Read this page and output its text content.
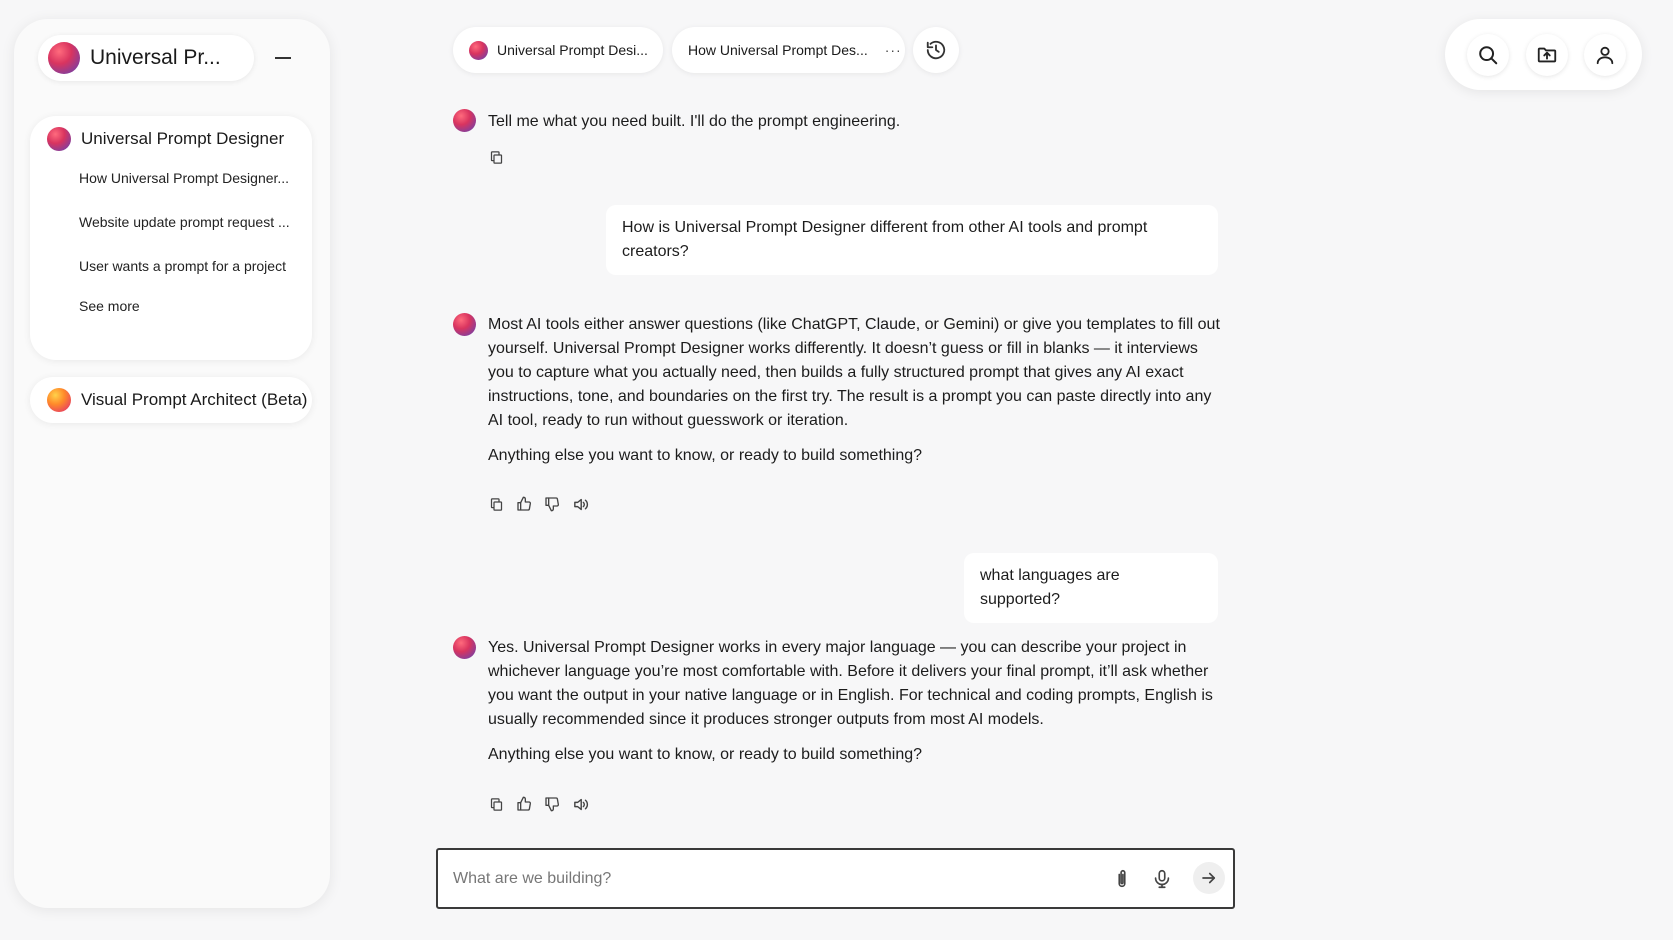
Universal Pr...
Universal Prompt Designer
How Universal Prompt Designer...
Website update prompt request ...
User wants a prompt for a project
See more
Visual Prompt Architect (Beta)
Universal Prompt Desi...	How Universal Prompt Des... ···

Tell me what you need built. I'll do the prompt engineering.

How is Universal Prompt Designer different from other AI tools and prompt creators?

Most AI tools either answer questions (like ChatGPT, Claude, or Gemini) or give you templates to fill out yourself. Universal Prompt Designer works differently. It doesn’t guess or fill in blanks — it interviews you to capture what you actually need, then builds a fully structured prompt that gives any AI exact instructions, tone, and boundaries on the first try. The result is a prompt you can paste directly into any AI tool, ready to run without guesswork or iteration.

Anything else you want to know, or ready to build something?

what languages are supported?

Yes. Universal Prompt Designer works in every major language — you can describe your project in whichever language you’re most comfortable with. Before it delivers your final prompt, it’ll ask whether you want the output in your native language or in English. For technical and coding prompts, English is usually recommended since it produces stronger outputs from most AI models.

Anything else you want to know, or ready to build something?

What are we building?
